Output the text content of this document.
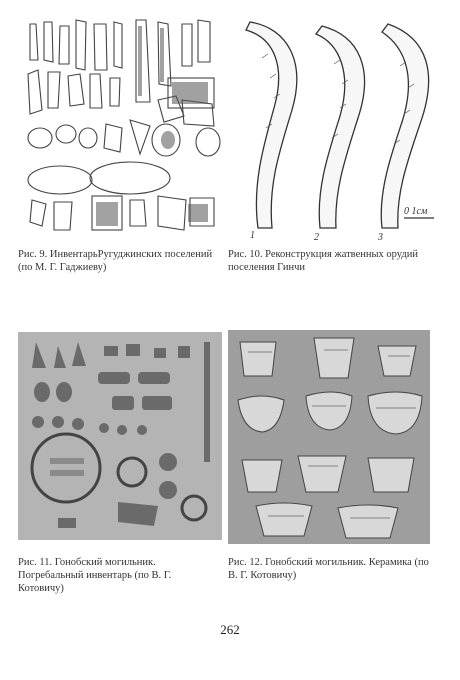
Рис. 9. ИнвентарьРугуджинских поселений (по М. Г. Гаджиеву)
1	2	3
0 1см
Рис. 10. Реконструкция жатвенных орудий поселения Гинчи
Рис. 11. Гонобский могильник. Погребальный инвентарь (по В. Г. Котовичу)
Рис. 12. Гонобский могильник. Керамика (по В. Г. Котовичу)
262
